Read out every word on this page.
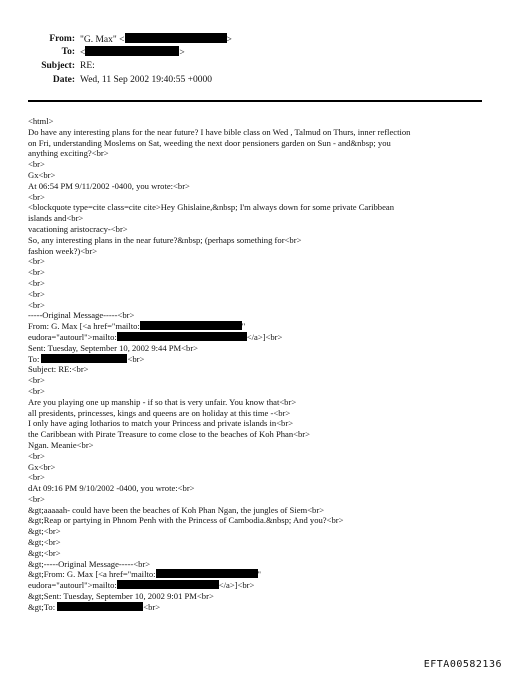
From: "G. Max" <	>
To: <	>
Subject: RE:
Date: Wed, 11 Sep 2002 19:40:55 +0000
<html>
Do have any interesting plans for the near future? I have bible class on Wed , Talmud on Thurs, inner reflection
on Fri, understanding Moslems on Sat, weeding the next door pensioners garden on Sun - and&nbsp; you
anything exciting?<br>
<br>
Gx<br>
At 06:54 PM 9/11/2002 -0400, you wrote:<br>
<br>
<blockquote type=cite class=cite cite>Hey Ghislaine,&nbsp; I'm always down for some private Caribbean
islands and<br>
vacationing aristocracy-<br>
So, any interesting plans in the near future?&nbsp; (perhaps something for<br>
fashion week?)<br>
<br>
<br>
<br>
<br>
<br>
-----Original Message-----<br>
From: G. Max [<a href="mailto:	"
eudora="autourl">mailto:	</a>]<br>
Sent: Tuesday, September 10, 2002 9:44 PM<br>
To:	<br>
Subject: RE:<br>
<br>
<br>
Are you playing one up manship - if so that is very unfair. You know that<br>
all presidents, princesses, kings and queens are on holiday at this time -<br>
I only have aging lotharios to match your Princess and private islands in<br>
the Caribbean with Pirate Treasure to come close to the beaches of Koh Phan<br>
Ngan. Meanie<br>
<br>
Gx<br>
<br>
dAt 09:16 PM 9/10/2002 -0400, you wrote:<br>
<br>
&gt;aaaaah- could have been the beaches of Koh Phan Ngan, the jungles of Siem<br>
&gt;Reap or partying in Phnom Penh with the Princess of Cambodia.&nbsp; And you?<br>
&gt;<br>
&gt;<br>
&gt;<br>
&gt;-----Original Message-----<br>
&gt;From: G. Max [<a href="mailto:	"
eudora="autourl">mailto:	</a>]<br>
&gt;Sent: Tuesday, September 10, 2002 9:01 PM<br>
&gt;To:	<br>
EFTA00582136
